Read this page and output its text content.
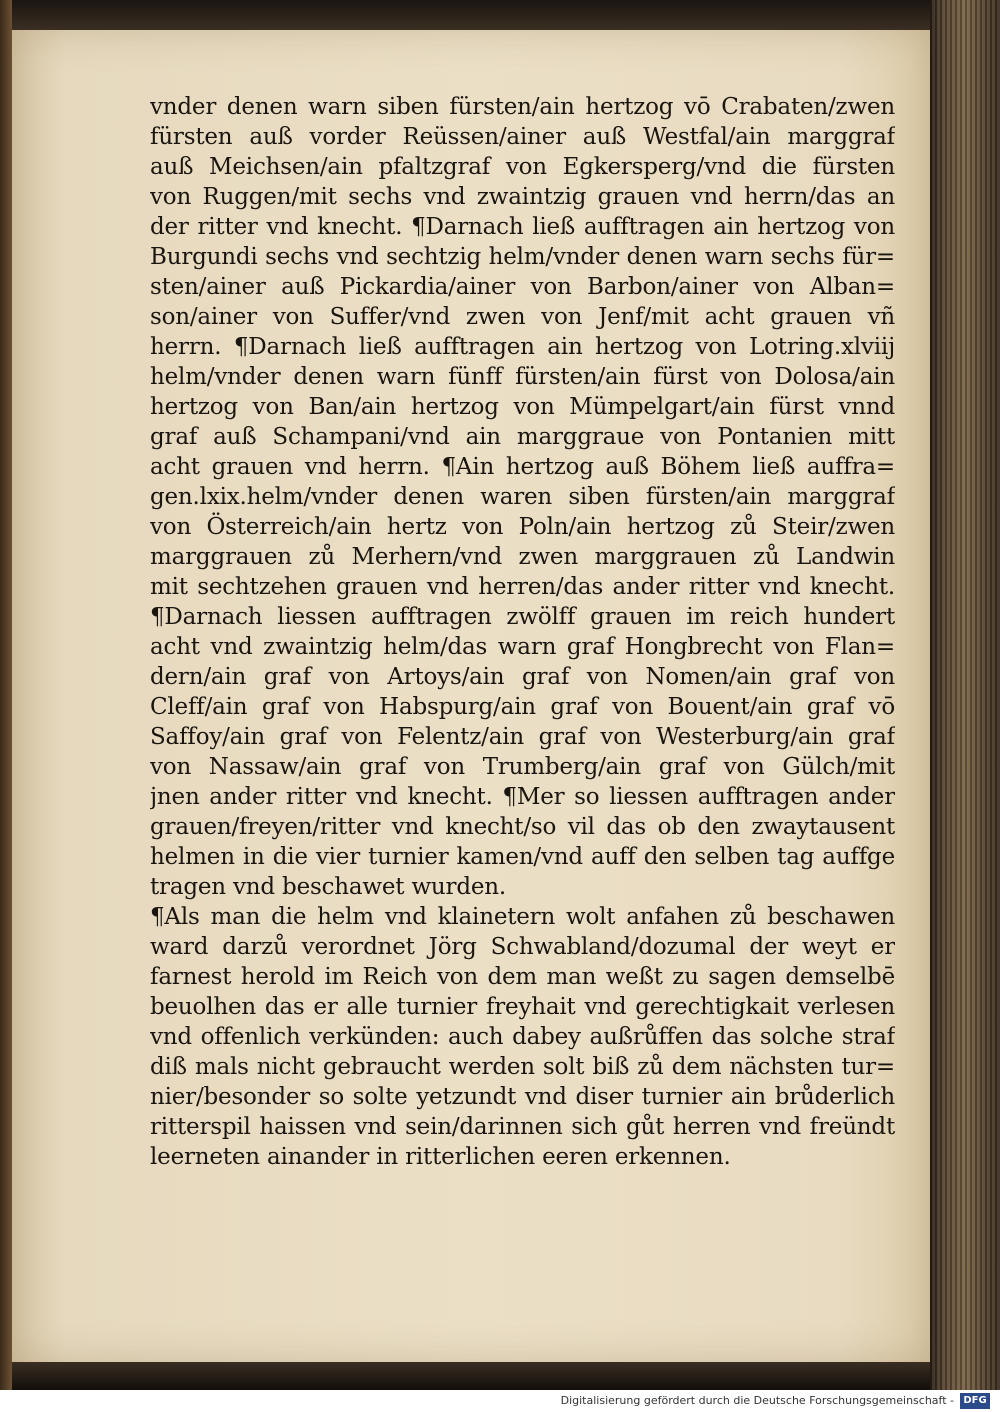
vnder denen warn siben fürsten/ain hertzog vō Crabaten/zwen
fürsten auß vorder Reüssen/ainer auß Westfal/ain marggraf
auß Meichsen/ain pfaltzgraf von Egkersperg/vnd die fürsten
von Ruggen/mit sechs vnd zwaintzig grauen vnd herrn/das an
der ritter vnd knecht. ¶Darnach ließ aufftragen ain hertzog von
Burgundi sechs vnd sechtzig helm/vnder denen warn sechs für=
sten/ainer auß Pickardia/ainer von Barbon/ainer von Alban=
son/ainer von Suffer/vnd zwen von Jenf/mit acht grauen vñ
herrn. ¶Darnach ließ aufftragen ain hertzog von Lotring.xlviij
helm/vnder denen warn fünff fürsten/ain fürst von Dolosa/ain
hertzog von Ban/ain hertzog von Mümpelgart/ain fürst vnnd
graf auß Schampani/vnd ain marggraue von Pontanien mitt
acht grauen vnd herrn. ¶Ain hertzog auß Böhem ließ auffra=
gen.lxix.helm/vnder denen waren siben fürsten/ain marggraf
von Österreich/ain hertz von Poln/ain hertzog zů Steir/zwen
marggrauen zů Merhern/vnd zwen marggrauen zů Landwin
mit sechtzehen grauen vnd herren/das ander ritter vnd knecht.
¶Darnach liessen aufftragen zwölff grauen im reich hundert
acht vnd zwaintzig helm/das warn graf Hongbrecht von Flan=
dern/ain graf von Artoys/ain graf von Nomen/ain graf von
Cleff/ain graf von Habspurg/ain graf von Bouent/ain graf vō
Saffoy/ain graf von Felentz/ain graf von Westerburg/ain graf
von Nassaw/ain graf von Trumberg/ain graf von Gülch/mit
jnen ander ritter vnd knecht. ¶Mer so liessen aufftragen ander
grauen/freyen/ritter vnd knecht/so vil das ob den zwaytausent
helmen in die vier turnier kamen/vnd auff den selben tag auffge
tragen vnd beschawet wurden.
¶Als man die helm vnd klainetern wolt anfahen zů beschawen
ward darzů verordnet Jörg Schwabland/dozumal der weyt er
farnest herold im Reich von dem man weßt zu sagen demselbē
beuolhen das er alle turnier freyhait vnd gerechtigkait verlesen
vnd offenlich verkünden: auch dabey außrůffen das solche straf
diß mals nicht gebraucht werden solt biß zů dem nächsten tur=
nier/besonder so solte yetzundt vnd diser turnier ain brůderlich
ritterspil haissen vnd sein/darinnen sich gůt herren vnd freündt
leerneten ainander in ritterlichen eeren erkennen.
Digitalisierung gefördert durch die Deutsche Forschungsgemeinschaft - DFG
